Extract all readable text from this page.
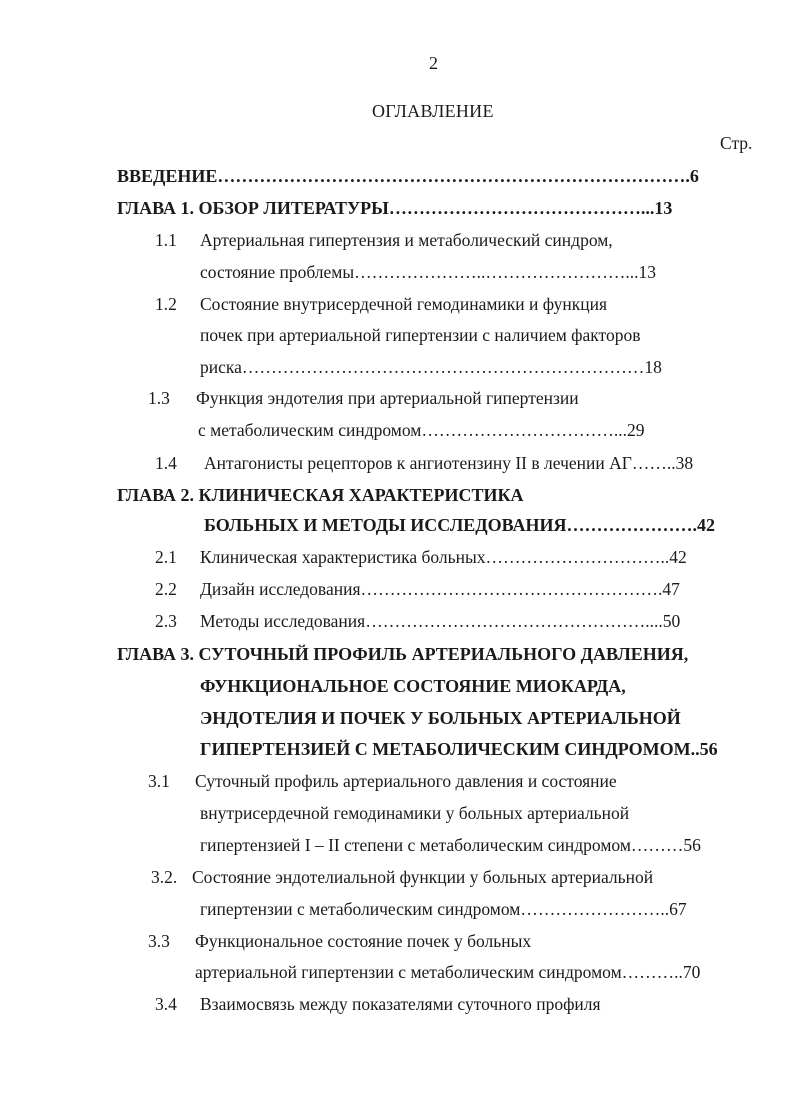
2
ОГЛАВЛЕНИЕ
Стр.
ВВЕДЕНИЕ…………………………………………………………………….6
ГЛАВА 1. ОБЗОР ЛИТЕРАТУРЫ……………………………………...13
1.1 Артериальная гипертензия и метаболический синдром,
состояние проблемы…………………..……………………...13
1.2 Состояние внутрисердечной гемодинамики и функция
почек при артериальной гипертензии с наличием факторов
риска……………………………………………………………18
1.3 Функция эндотелия при артериальной гипертензии
с метаболическим синдромом……………………………...29
1.4 Антагонисты рецепторов к ангиотензину II в лечении АГ……..38
ГЛАВА 2. КЛИНИЧЕСКАЯ ХАРАКТЕРИСТИКА
БОЛЬНЫХ И МЕТОДЫ ИССЛЕДОВАНИЯ………………….42
2.1 Клиническая характеристика больных…………………………..42
2.2 Дизайн исследования…………………………………………….47
2.3 Методы исследования…………………………………………....50
ГЛАВА 3. СУТОЧНЫЙ ПРОФИЛЬ АРТЕРИАЛЬНОГО ДАВЛЕНИЯ,
ФУНКЦИОНАЛЬНОЕ СОСТОЯНИЕ МИОКАРДА,
ЭНДОТЕЛИЯ И ПОЧЕК У БОЛЬНЫХ АРТЕРИАЛЬНОЙ
ГИПЕРТЕНЗИЕЙ С МЕТАБОЛИЧЕСКИМ СИНДРОМОМ..56
3.1 Суточный профиль артериального давления и состояние
внутрисердечной гемодинамики у больных артериальной
гипертензией I – II степени с метаболическим синдромом………56
3.2. Состояние эндотелиальной функции у больных артериальной
гипертензии с метаболическим синдромом……………………..67
3.3 Функциональное состояние почек у больных
артериальной гипертензии с метаболическим синдромом………..70
3.4 Взаимосвязь между показателями суточного профиля
